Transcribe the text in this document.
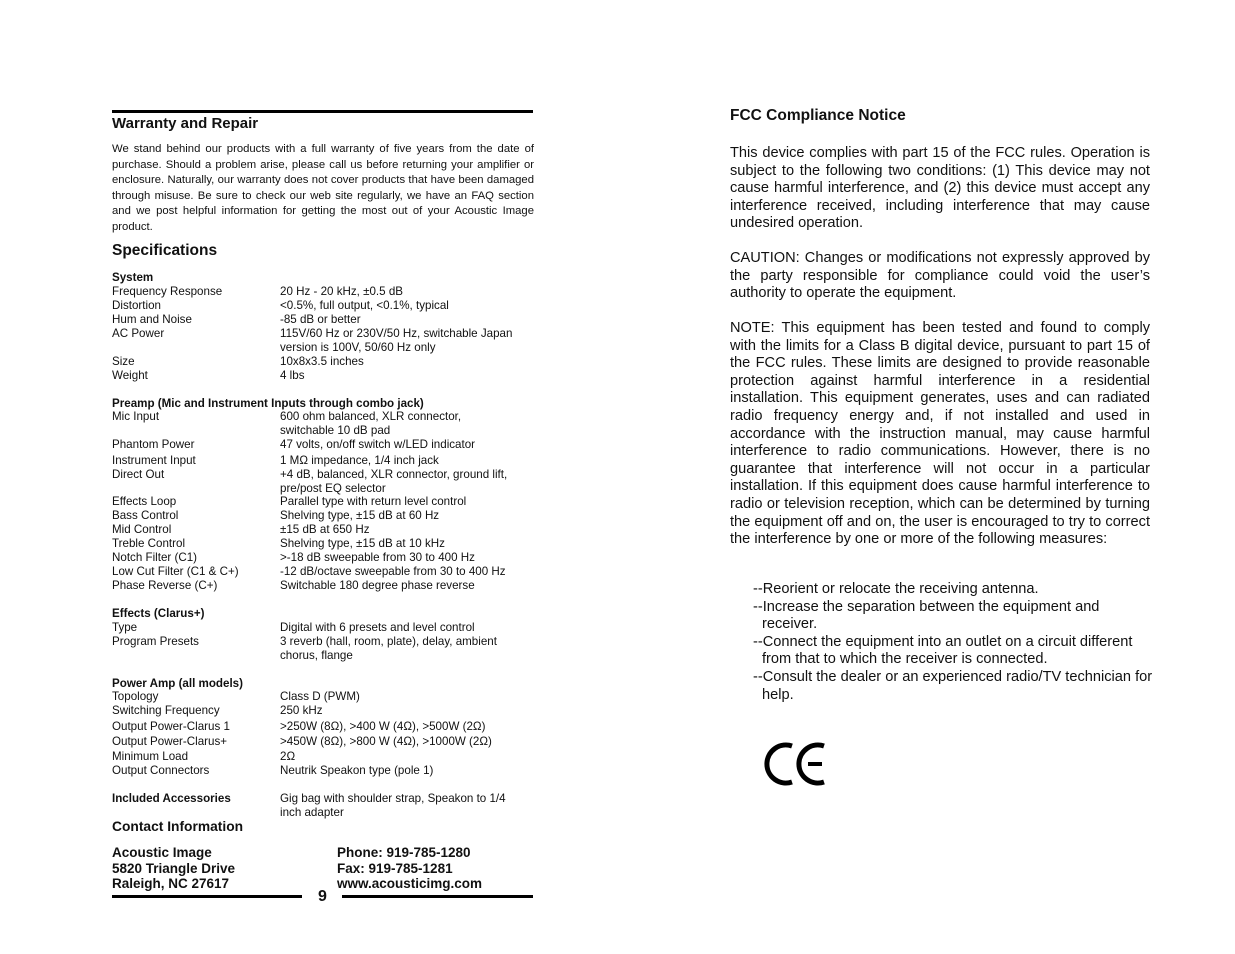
Warranty and Repair

We stand behind our products with a full warranty of five years from the date of purchase. Should a problem arise, please call us before returning your amplifier or enclosure. Naturally, our warranty does not cover products that have been damaged through misuse. Be sure to check our web site regularly, we have an FAQ section and we post helpful information for getting the most out of your Acoustic Image product.

Specifications
System
Frequency Response	20 Hz - 20 kHz, ±0.5 dB
Distortion	<0.5%, full output, <0.1%, typical
Hum and Noise	-85 dB or better
AC Power	115V/60 Hz or 230V/50 Hz, switchable Japan version is 100V, 50/60 Hz only
Size	10x8x3.5 inches
Weight	4 lbs
Preamp (Mic and Instrument Inputs through combo jack)
Mic Input	600 ohm balanced, XLR connector, switchable 10 dB pad
Phantom Power	47 volts, on/off switch w/LED indicator
Instrument Input	1 MΩ impedance, 1/4 inch jack
Direct Out	+4 dB, balanced, XLR connector, ground lift, pre/post EQ selector
Effects Loop	Parallel type with return level control
Bass Control	Shelving type, ±15 dB at 60 Hz
Mid Control	±15 dB at 650 Hz
Treble Control	Shelving type, ±15 dB at 10 kHz
Notch Filter (C1)	>-18 dB sweepable from 30 to 400 Hz
Low Cut Filter (C1 & C+)	-12 dB/octave sweepable from 30 to 400 Hz
Phase Reverse (C+)	Switchable 180 degree phase reverse
Effects (Clarus+)
Type	Digital with 6 presets and level control
Program Presets	3 reverb (hall, room, plate), delay, ambient chorus, flange
Power Amp (all models)
Topology	Class D (PWM)
Switching Frequency	250 kHz
Output Power-Clarus 1	>250W (8Ω), >400 W (4Ω), >500W (2Ω)
Output Power-Clarus+	>450W (8Ω), >800 W (4Ω), >1000W (2Ω)
Minimum Load	2Ω
Output Connectors	Neutrik Speakon type (pole 1)
Included Accessories	Gig bag with shoulder strap, Speakon to 1/4 inch adapter
Contact Information
Acoustic Image
5820 Triangle Drive
Raleigh, NC 27617
Phone: 919-785-1280
Fax: 919-785-1281
www.acousticimg.com
9
FCC Compliance Notice

This device complies with part 15 of the FCC rules. Operation is subject to the following two conditions: (1) This device may not cause harmful interference, and (2) this device must accept any interference received, including interference that may cause undesired operation.

CAUTION: Changes or modifications not expressly approved by the party responsible for compliance could void the user’s authority to operate the equipment.

NOTE: This equipment has been tested and found to comply with the limits for a Class B digital device, pursuant to part 15 of the FCC rules. These limits are designed to provide reasonable protection against harmful interference in a residential installation. This equipment generates, uses and can radiated radio frequency energy and, if not installed and used in accordance with the instruction manual, may cause harmful interference to radio communications. However, there is no guarantee that interference will not occur in a particular installation. If this equipment does cause harmful interference to radio or television reception, which can be determined by turning the equipment off and on, the user is encouraged to try to correct the interference by one or more of the following measures:

--Reorient or relocate the receiving antenna.
--Increase the separation between the equipment and receiver.
--Connect the equipment into an outlet on a circuit different from that to which the receiver is connected.
--Consult the dealer or an experienced radio/TV technician for help.
